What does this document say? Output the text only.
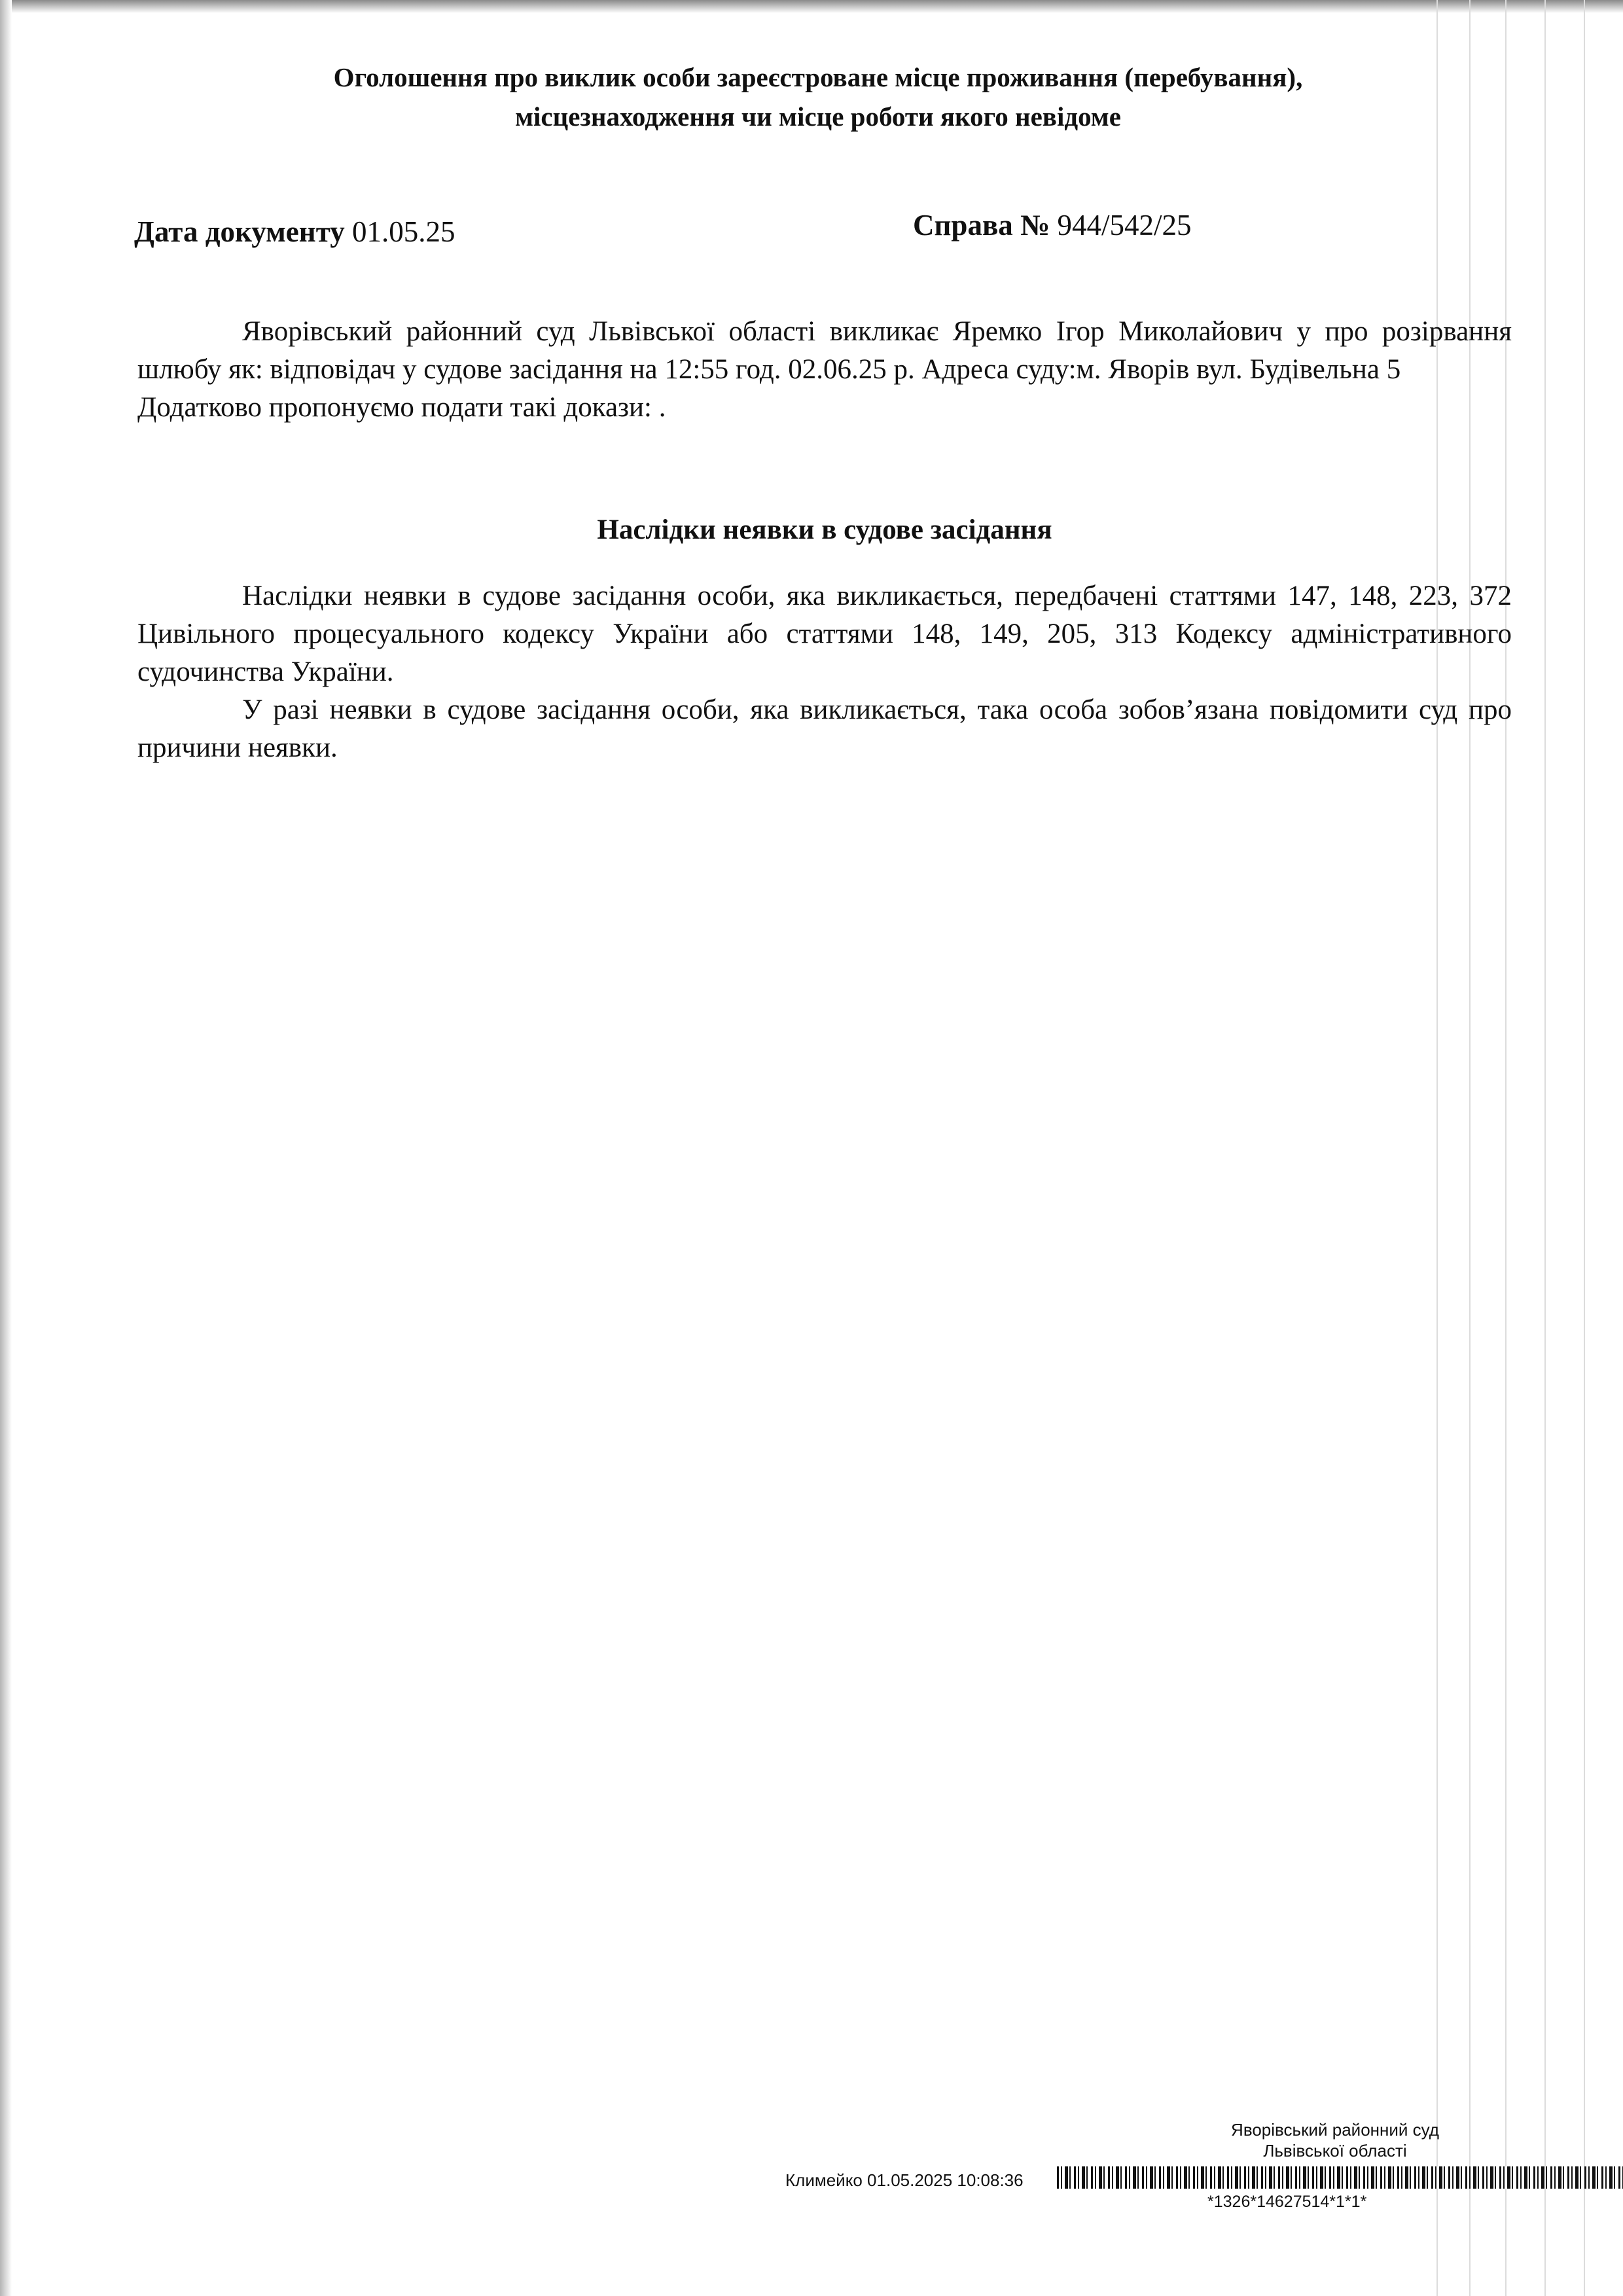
Оголошення про виклик особи зареєстроване місце проживання (перебування),
місцезнаходження чи місце роботи якого невідоме
Дата документу 01.05.25	Справа № 944/542/25

Яворівський районний суд Львівської області викликає Яремко Ігор Миколайович у про розірвання шлюбу як: відповідач у судове засідання на 12:55 год. 02.06.25 р. Адреса суду:м. Яворів вул. Будівельна 5

Додатково пропонуємо подати такі докази: .

Наслідки неявки в судове засідання

Наслідки неявки в судове засідання особи, яка викликається, передбачені статтями 147, 148, 223, 372 Цивільного процесуального кодексу України або статтями 148, 149, 205, 313 Кодексу адміністративного судочинства України.

У разі неявки в судове засідання особи, яка викликається, така особа зобов’язана повідомити суд про причини неявки.

Яворівський районний суд
Львівської області
Климейко 01.05.2025 10:08:36
*1326*14627514*1*1*
